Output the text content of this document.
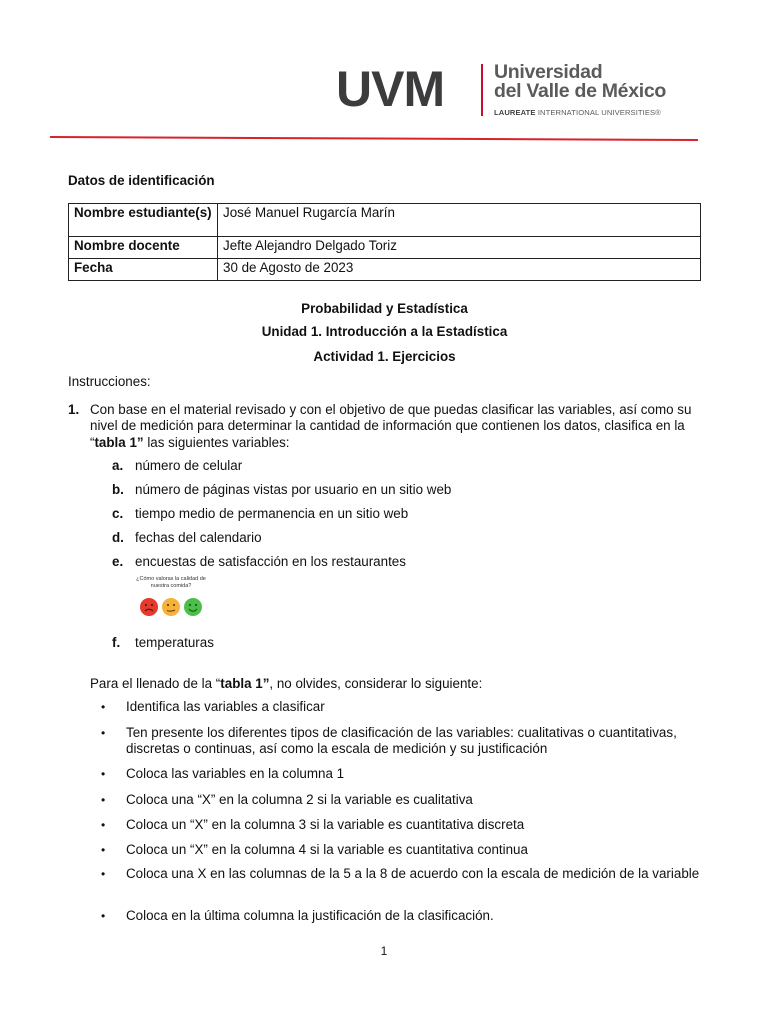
UVM	Universidad
del Valle de México
LAUREATE INTERNATIONAL UNIVERSITIES®
Datos de identificación
Nombre estudiante(s)	José Manuel Rugarcía Marín
Nombre docente	Jefte Alejandro Delgado Toriz
Fecha	30 de Agosto de 2023
Probabilidad y Estadística
Unidad 1. Introducción a la Estadística
Actividad 1. Ejercicios
Instrucciones:
1. Con base en el material revisado y con el objetivo de que puedas clasificar las variables, así como su nivel de medición para determinar la cantidad de información que contienen los datos, clasifica en la “tabla 1” las siguientes variables:
a. número de celular
b. número de páginas vistas por usuario en un sitio web
c. tiempo medio de permanencia en un sitio web
d. fechas del calendario
e. encuestas de satisfacción en los restaurantes
¿Cómo valoras la calidad de nuestra comida?
f. temperaturas
Para el llenado de la “tabla 1”, no olvides, considerar lo siguiente:
• Identifica las variables a clasificar
• Ten presente los diferentes tipos de clasificación de las variables: cualitativas o cuantitativas, discretas o continuas, así como la escala de medición y su justificación
• Coloca las variables en la columna 1
• Coloca una “X” en la columna 2 si la variable es cualitativa
• Coloca un “X” en la columna 3 si la variable es cuantitativa discreta
• Coloca un “X” en la columna 4 si la variable es cuantitativa continua
• Coloca una X en las columnas de la 5 a la 8 de acuerdo con la escala de medición de la variable
• Coloca en la última columna la justificación de la clasificación.
1
